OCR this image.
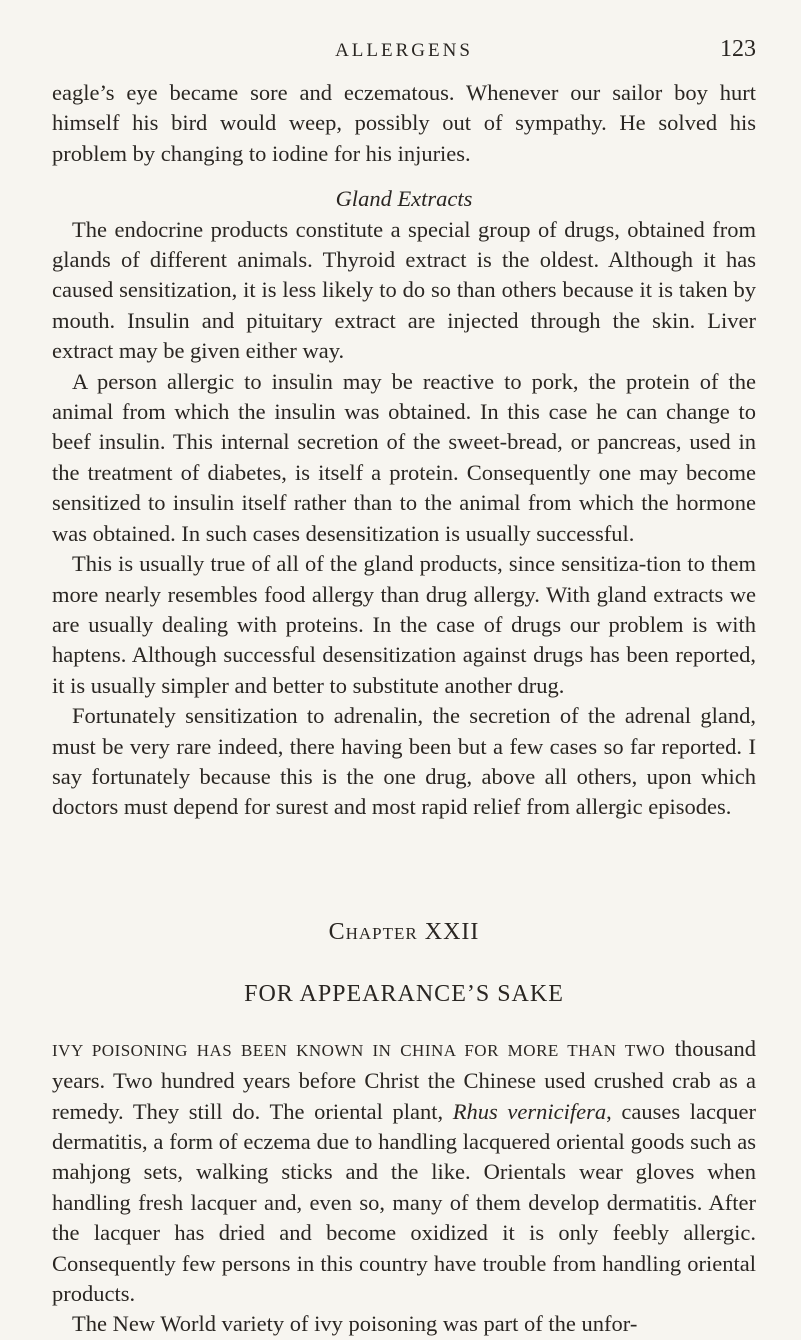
ALLERGENS	123

eagle’s eye became sore and eczematous. Whenever our sailor boy hurt himself his bird would weep, possibly out of sympathy. He solved his problem by changing to iodine for his injuries.

Gland Extracts

The endocrine products constitute a special group of drugs, obtained from glands of different animals. Thyroid extract is the oldest. Although it has caused sensitization, it is less likely to do so than others because it is taken by mouth. Insulin and pituitary extract are injected through the skin. Liver extract may be given either way.

A person allergic to insulin may be reactive to pork, the protein of the animal from which the insulin was obtained. In this case he can change to beef insulin. This internal secretion of the sweet-bread, or pancreas, used in the treatment of diabetes, is itself a protein. Consequently one may become sensitized to insulin itself rather than to the animal from which the hormone was obtained. In such cases desensitization is usually successful.

This is usually true of all of the gland products, since sensitiza-tion to them more nearly resembles food allergy than drug allergy. With gland extracts we are usually dealing with proteins. In the case of drugs our problem is with haptens. Although successful desensitization against drugs has been reported, it is usually simpler and better to substitute another drug.

Fortunately sensitization to adrenalin, the secretion of the adrenal gland, must be very rare indeed, there having been but a few cases so far reported. I say fortunately because this is the one drug, above all others, upon which doctors must depend for surest and most rapid relief from allergic episodes.

Chapter XXII
FOR APPEARANCE’S SAKE

IVY POISONING HAS BEEN KNOWN IN CHINA FOR MORE THAN TWO thousand years. Two hundred years before Christ the Chinese used crushed crab as a remedy. They still do. The oriental plant, Rhus vernicifera, causes lacquer dermatitis, a form of eczema due to handling lacquered oriental goods such as mahjong sets, walking sticks and the like. Orientals wear gloves when handling fresh lacquer and, even so, many of them develop dermatitis. After the lacquer has dried and become oxidized it is only feebly allergic. Consequently few persons in this country have trouble from handling oriental products.

The New World variety of ivy poisoning was part of the unfor-
